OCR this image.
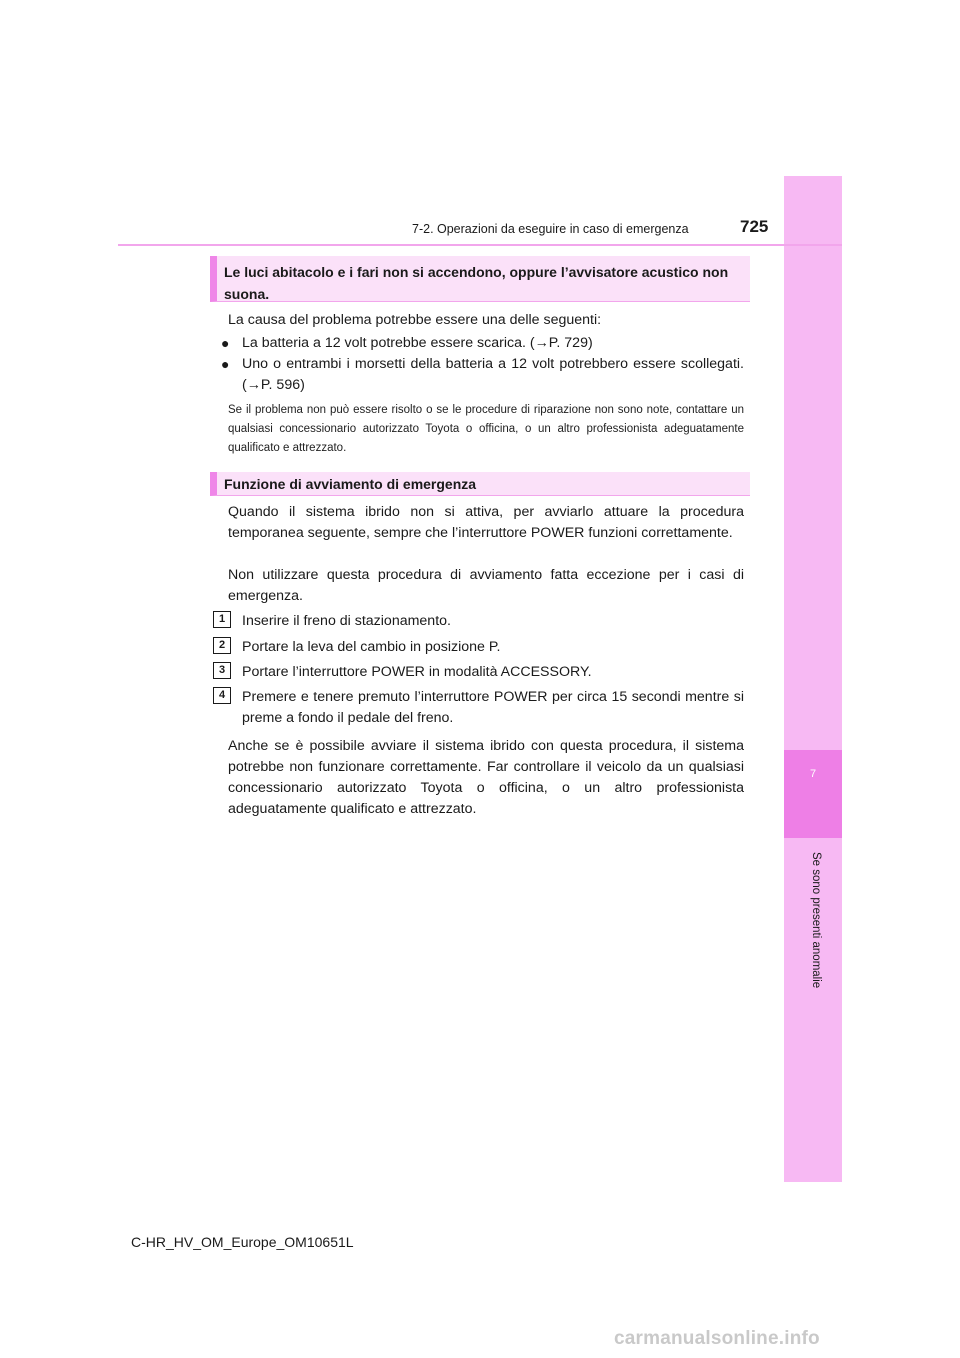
7
Se sono presenti anomalie
7-2. Operazioni da eseguire in caso di emergenza	725
Le luci abitacolo e i fari non si accendono, oppure l’avvisatore acustico non suona.
La causa del problema potrebbe essere una delle seguenti:
● La batteria a 12 volt potrebbe essere scarica. (→P. 729)
● Uno o entrambi i morsetti della batteria a 12 volt potrebbero essere scollegati. (→P. 596)
Se il problema non può essere risolto o se le procedure di riparazione non sono note, contattare un qualsiasi concessionario autorizzato Toyota o officina, o un altro professionista adeguatamente qualificato e attrezzato.
Funzione di avviamento di emergenza
Quando il sistema ibrido non si attiva, per avviarlo attuare la procedura temporanea seguente, sempre che l’interruttore POWER funzioni correttamente.
Non utilizzare questa procedura di avviamento fatta eccezione per i casi di emergenza.
1	Inserire il freno di stazionamento.
2	Portare la leva del cambio in posizione P.
3	Portare l’interruttore POWER in modalità ACCESSORY.
4	Premere e tenere premuto l’interruttore POWER per circa 15 secondi mentre si preme a fondo il pedale del freno.
Anche se è possibile avviare il sistema ibrido con questa procedura, il sistema potrebbe non funzionare correttamente. Far controllare il veicolo da un qualsiasi concessionario autorizzato Toyota o officina, o un altro professionista adeguatamente qualificato e attrezzato.
C-HR_HV_OM_Europe_OM10651L
carmanualsonline.info
